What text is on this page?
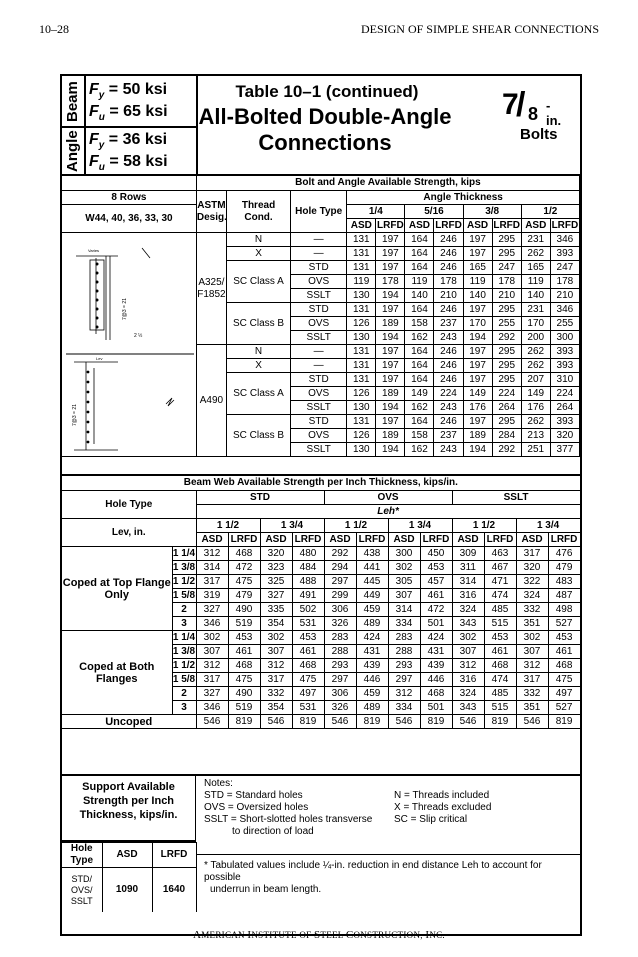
10–28	DESIGN OF SIMPLE SHEAR CONNECTIONS
Beam
Angle
$F_y = 50$ ksi
$F_u = 65$ ksi
$F_y = 36$ ksi
$F_u = 58$ ksi
Table 10–1 (continued)
All-Bolted Double-Angle
Connections
7
/ 8 -in.
Bolts
	Bolt and Angle Available Strength, kips										
8 Rows	ASTM Desig.	Thread Cond.	Hole Type	Angle Thickness							
W44, 40, 36, 33, 30				1/4		5/16		3/8		1/2	
				ASD	LRFD	ASD	LRFD	ASD	LRFD	ASD	LRFD
	A325/ F1852	N	—	131	197	164	246	197	295	231	346
		X	—	131	197	164	246	197	295	262	393
		SC Class A	STD	131	197	164	246	165	247	165	247
			OVS	119	178	119	178	119	178	119	178
			SSLT	130	194	140	210	140	210	140	210
		SC Class B	STD	131	197	164	246	197	295	231	346
			OVS	126	189	158	237	170	255	170	255
			SSLT	130	194	162	243	194	292	200	300
	A490	N	—	131	197	164	246	197	295	262	393
		X	—	131	197	164	246	197	295	262	393
		SC Class A	STD	131	197	164	246	197	295	207	310
			OVS	126	189	149	224	149	224	149	224
			SSLT	130	194	162	243	176	264	176	264
		SC Class B	STD	131	197	164	246	197	295	262	393
			OVS	126	189	158	237	189	284	213	320
			SSLT	130	194	162	243	194	292	251	377
Varies
7@3 = 21
2 ½
Lev
7@3 = 21
Beam Web Available Strength per Inch Thickness, kips/in.													
Hole Type		STD				OVS				SSLT			
		Leh*											
Lev, in.		1 1/2		1 3/4		1 1/2		1 3/4		1 1/2		1 3/4	
		ASD	LRFD	ASD	LRFD	ASD	LRFD	ASD	LRFD	ASD	LRFD	ASD	LRFD
Coped at Top Flange Only	1 1/4	312	468	320	480	292	438	300	450	309	463	317	476
	1 3/8	314	472	323	484	294	441	302	453	311	467	320	479
	1 1/2	317	475	325	488	297	445	305	457	314	471	322	483
	1 5/8	319	479	327	491	299	449	307	461	316	474	324	487
	2	327	490	335	502	306	459	314	472	324	485	332	498
	3	346	519	354	531	326	489	334	501	343	515	351	527
Coped at Both Flanges	1 1/4	302	453	302	453	283	424	283	424	302	453	302	453
	1 3/8	307	461	307	461	288	431	288	431	307	461	307	461
	1 1/2	312	468	312	468	293	439	293	439	312	468	312	468
	1 5/8	317	475	317	475	297	446	297	446	316	474	317	475
	2	327	490	332	497	306	459	312	468	324	485	332	497
	3	346	519	354	531	326	489	334	501	343	515	351	527
Uncoped		546	819	546	819	546	819	546	819	546	819	546	819
Support Available Strength per Inch Thickness, kips/in.
Hole Type	ASD	LRFD
STD/ OVS/ SSLT	1090	1640
Notes:
STD = Standard holes
OVS = Oversized holes
SSLT = Short-slotted holes transverse
to direction of load
N = Threads included
X = Threads excluded
SC = Slip critical
* Tabulated values include ¼-in. reduction in end distance Leh to account for possible
underrun in beam length.
AMERICAN INSTITUTE OF STEEL CONSTRUCTION, INC.
